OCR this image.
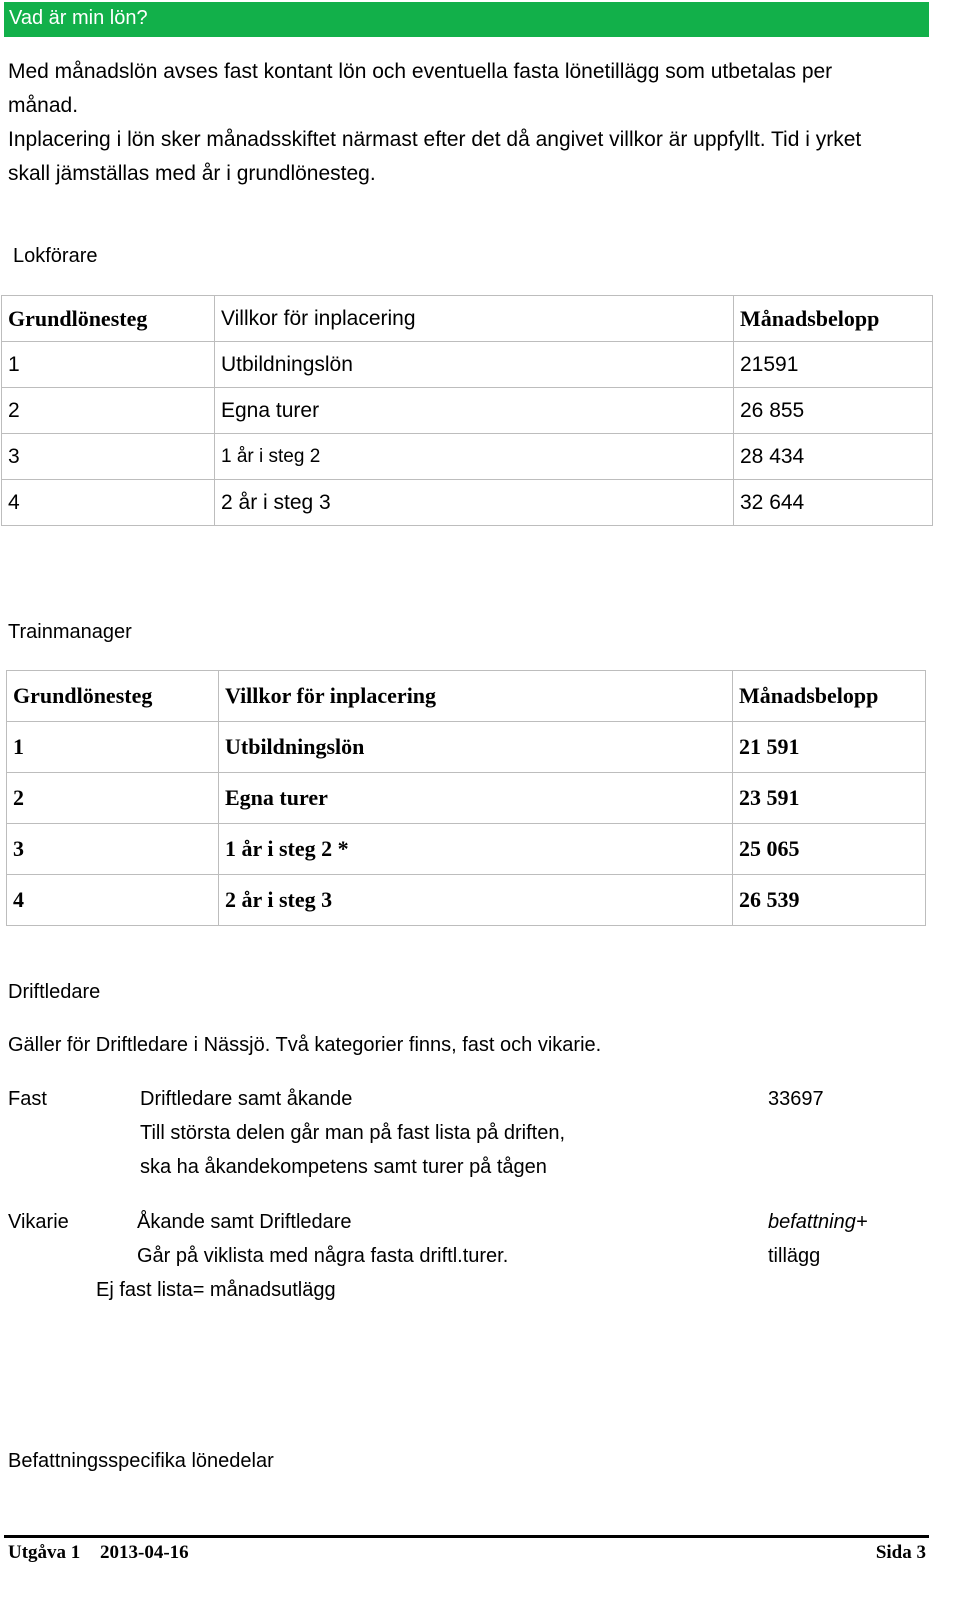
Vad är min lön?
Med månadslön avses fast kontant lön och eventuella fasta lönetillägg som utbetalas per
månad.
Inplacering i lön sker månadsskiftet närmast efter det då angivet villkor är uppfyllt. Tid i yrket
skall jämställas med år i grundlönesteg.
Lokförare
Grundlönesteg	Villkor för inplacering	Månadsbelopp
1	Utbildningslön	21591
2	Egna turer	26 855
3	1 år i steg 2	28 434
4	2 år i steg 3	32 644
Trainmanager
Grundlönesteg	Villkor för inplacering	Månadsbelopp
1	Utbildningslön	21 591
2	Egna turer	23 591
3	1 år i steg 2 *	25 065
4	2 år i steg 3	26 539
Driftledare
Gäller för Driftledare i Nässjö. Två kategorier finns, fast och vikarie.
Fast	Driftledare samt åkande	33697
Till största delen går man på fast lista på driften,
ska ha åkandekompetens samt turer på tågen
Vikarie	Åkande samt Driftledare	befattning+
Går på viklista med några fasta driftl.turer.	tillägg
Ej fast lista= månadsutlägg
Befattningsspecifika lönedelar
Utgåva 1 2013-04-16	Sida 3
